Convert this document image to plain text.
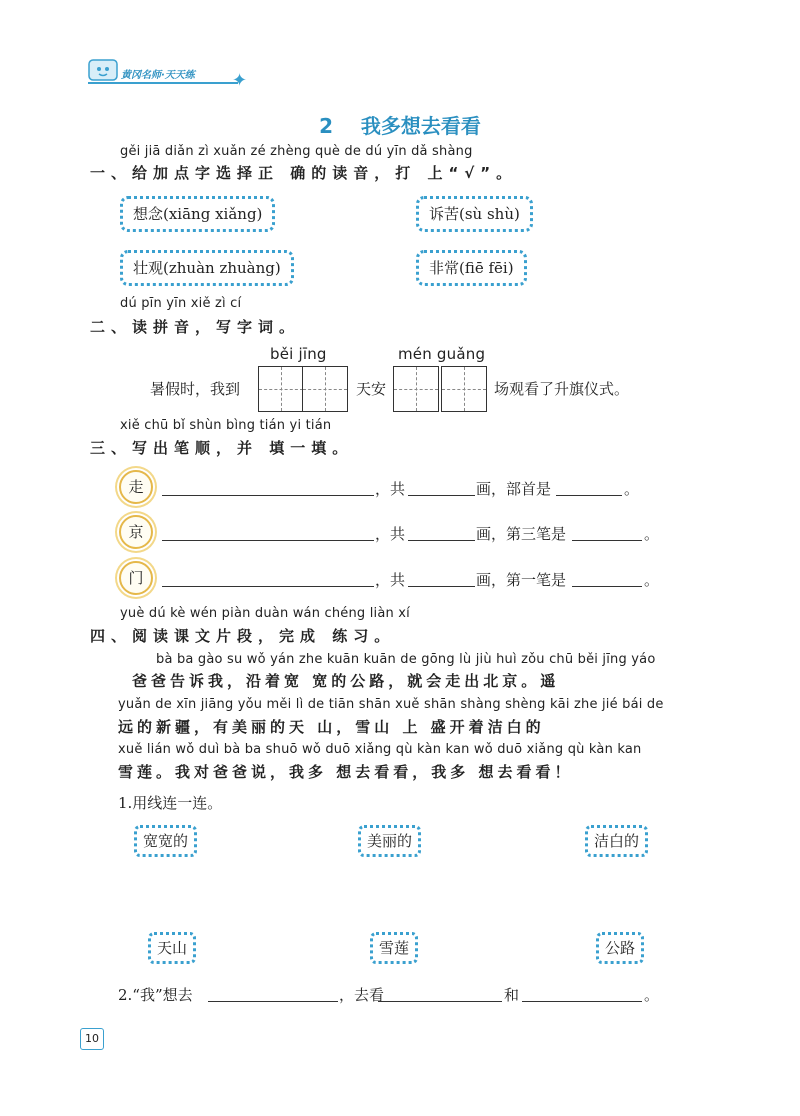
黄冈名师·天天练 ✦
2 我多想去看看
gěi jiā diǎn zì xuǎn zé zhèng què de dú yīn dǎ shàng
一、给加点字选择正 确的读音，打 上“√”。
想念(xiāng xiǎng)	诉苦(sù shù)
壮观(zhuàn zhuàng)	非常(fiē fēi)
dú pīn yīn xiě zì cí
二、读拼音，写字词。
běi jīng	mén guǎng
暑假时，我到	天安	场观看了升旗仪式。
xiě chū bǐ shùn bìng tián yi tián
三、写出笔顺，并 填一填。
走	，共	画，部首是	。
京	，共	画，第三笔是	。
门	，共	画，第一笔是	。
yuè dú kè wén piàn duàn wán chéng liàn xí
四、阅读课文片段，完成 练习。
bà ba gào su wǒ yán zhe kuān kuān de gōng lù jiù huì zǒu chū běi jīng yáo
爸爸告诉我，沿着宽 宽的公路，就会走出北京。遥
yuǎn de xīn jiāng yǒu měi lì de tiān shān xuě shān shàng shèng kāi zhe jié bái de
远的新疆，有美丽的天 山，雪山 上 盛开着洁白的
xuě lián wǒ duì bà ba shuō wǒ duō xiǎng qù kàn kan wǒ duō xiǎng qù kàn kan
雪莲。我对爸爸说，我多 想去看看，我多 想去看看！
1.用线连一连。
宽宽的	美丽的	洁白的
天山	雪莲	公路
2.“我”想去	，去看	和	。
10
